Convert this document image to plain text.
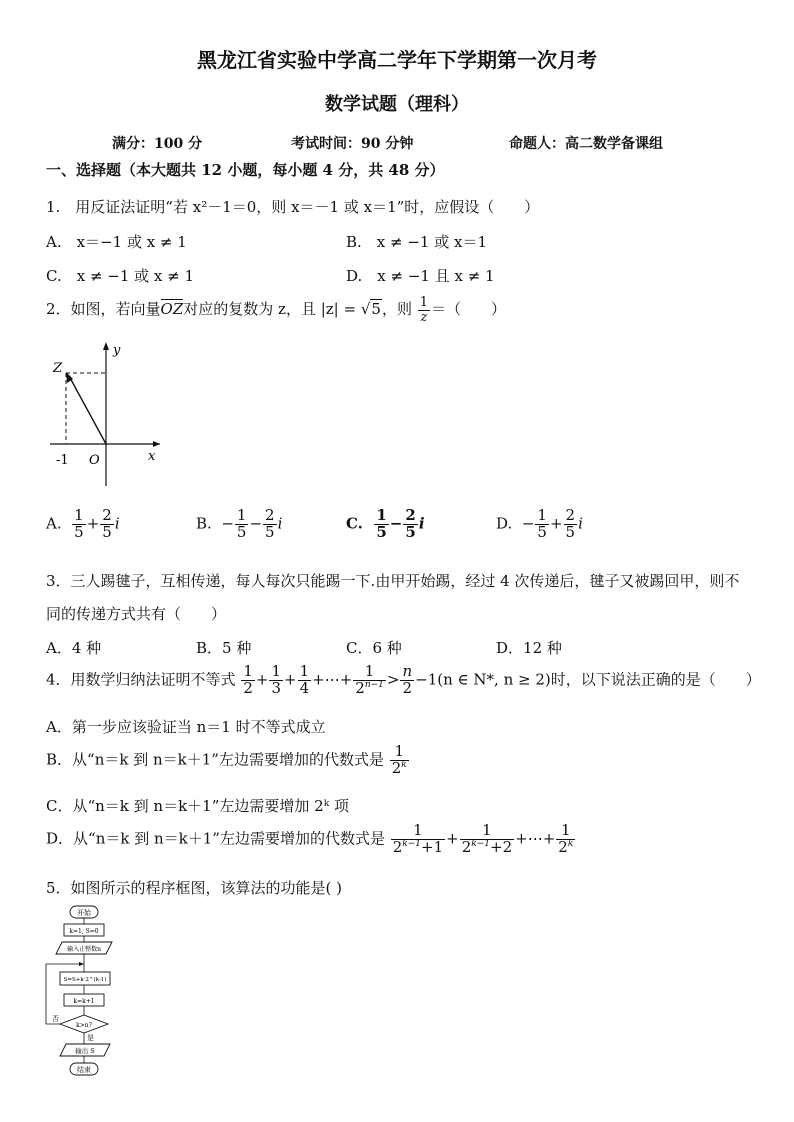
黑龙江省实验中学高二学年下学期第一次月考
数学试题（理科）
满分：100 分	考试时间：90 分钟	命题人：高二数学备课组
一、选择题（本大题共 12 小题，每小题 4 分，共 48 分）
1.　用反证法证明“若 x²－1＝0，则 x＝－1 或 x＝1”时，应假设（　　）
A.　x＝−1 或 x ≠ 1	B.　x ≠ −1 或 x＝1
C.　x ≠ −1 或 x ≠ 1	D.　x ≠ −1 且 x ≠ 1
2．如图，若向量OZ对应的复数为 z，且 |z| = √5，则 $\frac{1}{z}$ ＝（　　）
y
x
Z
O
-1
A. $\frac{1}{5} + \frac{2}{5}$ i	B. − $\frac{1}{5} - \frac{2}{5}$ i	C. $\frac{1}{5} - \frac{2}{5}$ i	D. − $\frac{1}{5} + \frac{2}{5}$ i
3．三人踢毽子，互相传递，每人每次只能踢一下.由甲开始踢，经过 4 次传递后，毽子又被踢回甲，则不
同的传递方式共有（　　）
A．4 种	B．5 种	C．6 种	D．12 种
4．用数学归纳法证明不等式 $\frac{1}{2} + \frac{1}{3} + \frac{1}{4}$ +⋯+ $\frac{1}{2^{n-1}} > \frac{n}{2} -1(n$ ∈ N*, n ≥ 2)时，以下说法正确的是（　　）
A．第一步应该验证当 n＝1 时不等式成立
B．从“n＝k 到 n＝k＋1”左边需要增加的代数式是 $\frac{1}{2^k}$
C．从“n＝k 到 n＝k＋1”左边需要增加 2ᵏ 项
D．从“n＝k 到 n＝k＋1”左边需要增加的代数式是 $\frac{1}{2^{k-1}+1} + \frac{1}{2^{k-1}+2}$ +⋯+ $\frac{1}{2^k}$
5．如图所示的程序框图，该算法的功能是( )
开始
k=1, S=0
输入正整数n
S=S+k·2^(k-1)
k=k+1
k>n?
否
是
输出 S
结束
